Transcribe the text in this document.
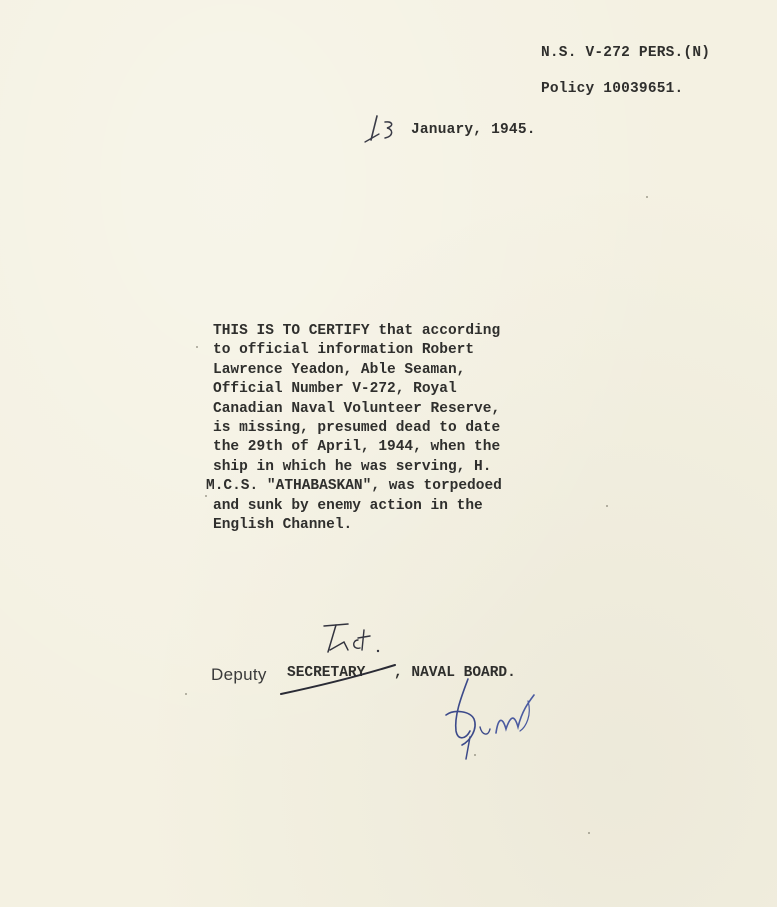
N.S. V-272 PERS.(N)
Policy 10039651.
January, 1945.
THIS IS TO CERTIFY that according
to official information Robert
Lawrence Yeadon, Able Seaman,
Official Number V-272, Royal
Canadian Naval Volunteer Reserve,
is missing, presumed dead to date
the 29th of April, 1944, when the
ship in which he was serving, H.
M.C.S. "ATHABASKAN", was torpedoed
and sunk by enemy action in the
English Channel.
Deputy SECRETARY , NAVAL BOARD.
